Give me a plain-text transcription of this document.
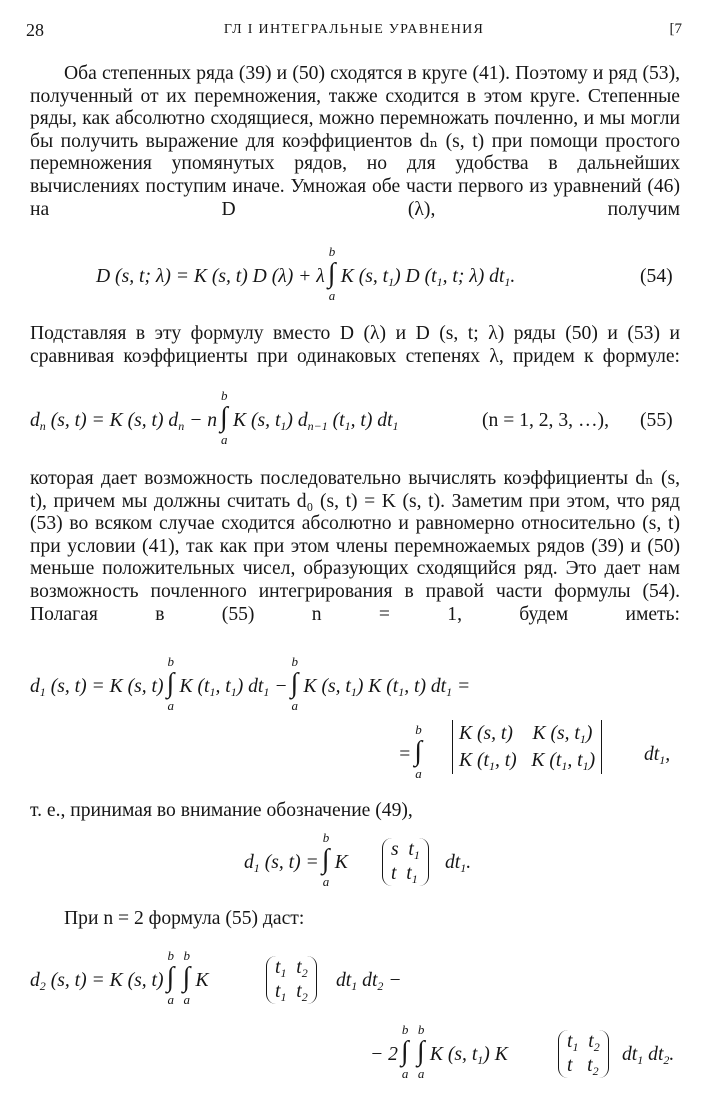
28	ГЛ I ИНТЕГРАЛЬНЫЕ УРАВНЕНИЯ	[7

Оба степенных ряда (39) и (50) сходятся в круге (41). Поэтому и ряд (53), полученный от их перемножения, также сходится в этом круге. Степенные ряды, как абсолютно сходящиеся, можно перемножать почленно, и мы могли бы получить выражение для коэффициентов dₙ (s, t) при помощи простого перемножения упомянутых рядов, но для удобства в дальнейших вычислениях поступим иначе. Умножая обе части первого из уравнений (46) на D (λ), получим

D (s, t; λ) = K (s, t) D (λ) + λ
b
∫
a
K (s, $t_1$) D ($t_1$, t; λ) $dt_1$.	(54)

Подставляя в эту формулу вместо D (λ) и D (s, t; λ) ряды (50) и (53) и сравнивая коэффициенты при одинаковых степенях λ, придем к формуле:

$d_n$ (s, t) = K (s, t) $d_n - n$
b
∫
a
K (s, $t_1$) $d_{n-1}$ ($t_1$, t) $dt_1$	(n = 1, 2, 3, …), (55)

которая дает возможность последовательно вычислять коэффициенты dₙ (s, t), причем мы должны считать d₀ (s, t) = K (s, t). Заметим при этом, что ряд (53) во всяком случае сходится абсолютно и равномерно относительно (s, t) при условии (41), так как при этом члены перемножаемых рядов (39) и (50) меньше положительных чисел, образующих сходящийся ряд. Это дает нам возможность почленного интегрирования в правой части формулы (54). Полагая в (55) n = 1, будем иметь:

$d_1$ (s, t) = K (s, t)
b
∫
a
K ($t_1$, $t_1$) $dt_1$ −
b
∫
a
K (s, $t_1$) K ($t_1$, t) $dt_1$ =
=
b
∫
a
K (s, t)    K (s, $t_1$)
K ($t_1$, t)   K ($t_1$, $t_1$)	$dt_1$,

т. е., принимая во внимание обозначение (49),

$d_1$ (s, t) =
b
∫
a
K
s  $t_1$
t  $t_1$
$dt_1$.

При n = 2 формула (55) даст:

$d_2$ (s, t) = K (s, t)
b
∫
a
b
∫
a
K
$t_1$  $t_2$
$t_1$  $t_2$
$dt_1$ $dt_2$ −
− 2
b
∫
a
b
∫
a
K (s, $t_1$) K
$t_1$  $t_2$
t   $t_2$
$dt_1$ $dt_2$.
